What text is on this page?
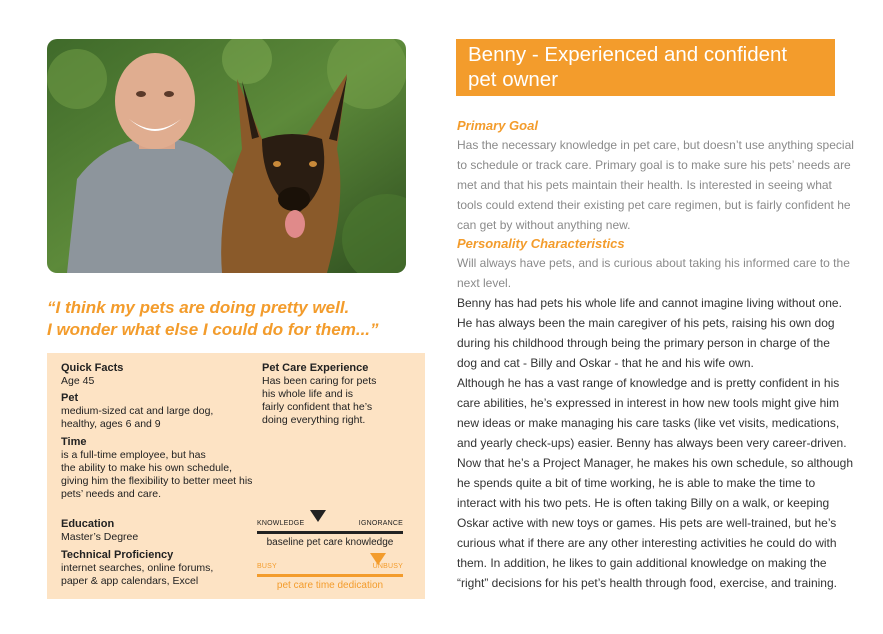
“I think my pets are doing pretty well.
I wonder what else I could do for them...”
Quick Facts
Age 45
Pet
medium-sized cat and large dog,
healthy, ages 6 and 9
Time
is a full-time employee, but has
the ability to make his own schedule,
giving him the flexibility to better meet his
pets’ needs and care.
Education
Master’s Degree
Technical Proficiency
internet searches, online forums,
paper & app calendars, Excel
Pet Care Experience
Has been caring for pets
his whole life and is
fairly confident that he’s
doing everything right.
KNOWLEDGE	IGNORANCE
baseline pet care knowledge
BUSY	UNBUSY
pet care time dedication
Benny - Experienced and confident
pet owner
Primary Goal

Has the necessary knowledge in pet care, but doesn’t use anything special
to schedule or track care. Primary goal is to make sure his pets’ needs are
met and that his pets maintain their health. Is interested in seeing what
tools could extend their existing pet care regimen, but is fairly confident he
can get by without anything new.

Personality Characteristics

Will always have pets, and is curious about taking his informed care to the
next level.

Benny has had pets his whole life and cannot imagine living without one.
He has always been the main caregiver of his pets, raising his own dog
during his childhood through being the primary person in charge of the
dog and cat - Billy and Oskar - that he and his wife own.
Although he has a vast range of knowledge and is pretty confident in his
care abilities, he’s expressed in interest in how new tools might give him
new ideas or make managing his care tasks (like vet visits, medications,
and yearly check-ups) easier. Benny has always been very career-driven.
Now that he’s a Project Manager, he makes his own schedule, so although
he spends quite a bit of time working, he is able to make the time to
interact with his two pets. He is often taking Billy on a walk, or keeping
Oskar active with new toys or games. His pets are well-trained, but he’s
curious what if there are any other interesting activities he could do with
them. In addition, he likes to gain additional knowledge on making the
“right” decisions for his pet’s health through food, exercise, and training.
